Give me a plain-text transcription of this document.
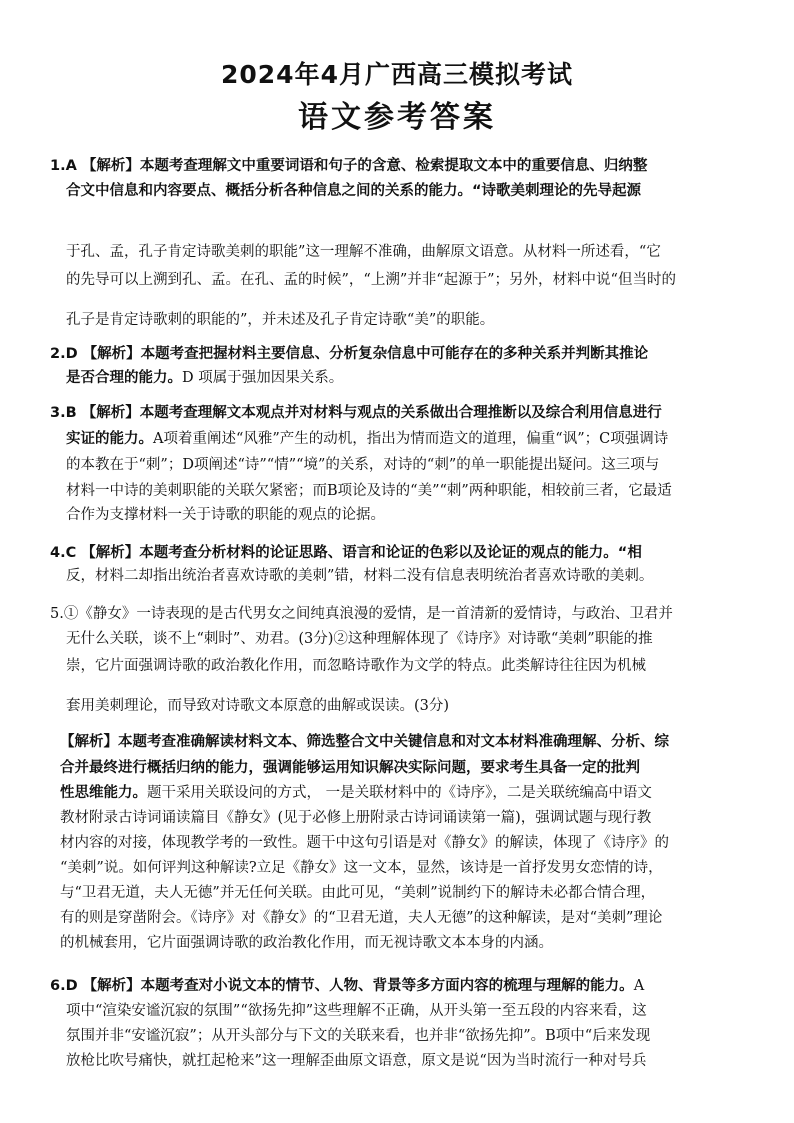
2024年4月广西高三模拟考试
语文参考答案
1.A 【解析】本题考查理解文中重要词语和句子的含意、检索提取文本中的重要信息、归纳整
合文中信息和内容要点、概括分析各种信息之间的关系的能力。“诗歌美刺理论的先导起源
于孔、孟，孔子肯定诗歌美刺的职能”这一理解不准确，曲解原文语意。从材料一所述看，“它
的先导可以上溯到孔、孟。在孔、孟的时候”，“上溯”并非“起源于”；另外，材料中说“但当时的
孔子是肯定诗歌刺的职能的”，并未述及孔子肯定诗歌“美”的职能。
2.D 【解析】本题考查把握材料主要信息、分析复杂信息中可能存在的多种关系并判断其推论
是否合理的能力。D 项属于强加因果关系。
3.B 【解析】本题考查理解文本观点并对材料与观点的关系做出合理推断以及综合利用信息进行
实证的能力。A项着重阐述“风雅”产生的动机，指出为情而造文的道理，偏重“讽”；C项强调诗
的本教在于“刺”；D项阐述“诗”“情”“境”的关系，对诗的“刺”的单一职能提出疑问。这三项与
材料一中诗的美刺职能的关联欠紧密；而B项论及诗的“美”“刺”两种职能，相较前三者，它最适
合作为支撑材料一关于诗歌的职能的观点的论据。
4.C 【解析】本题考查分析材料的论证思路、语言和论证的色彩以及论证的观点的能力。“相
反，材料二却指出统治者喜欢诗歌的美刺”错，材料二没有信息表明统治者喜欢诗歌的美刺。
5.①《静女》一诗表现的是古代男女之间纯真浪漫的爱情，是一首清新的爱情诗，与政治、卫君并
无什么关联，谈不上“刺时”、劝君。(3分)②这种理解体现了《诗序》对诗歌“美刺”职能的推
崇，它片面强调诗歌的政治教化作用，而忽略诗歌作为文学的特点。此类解诗往往因为机械
套用美刺理论，而导致对诗歌文本原意的曲解或误读。(3分)
【解析】本题考查准确解读材料文本、筛选整合文中关键信息和对文本材料准确理解、分析、综
合并最终进行概括归纳的能力，强调能够运用知识解决实际问题，要求考生具备一定的批判
性思维能力。题干采用关联设问的方式， 一是关联材料中的《诗序》，二是关联统编高中语文
教材附录古诗词诵读篇目《静女》(见于必修上册附录古诗词诵读第一篇)，强调试题与现行教
材内容的对接，体现教学考的一致性。题干中这句引语是对《静女》的解读，体现了《诗序》的
“美刺”说。如何评判这种解读?立足《静女》这一文本，显然，该诗是一首抒发男女恋情的诗，
与“卫君无道，夫人无德”并无任何关联。由此可见，“美刺”说制约下的解诗未必都合情合理，
有的则是穿凿附会。《诗序》对《静女》的“卫君无道，夫人无德”的这种解读，是对“美刺”理论
的机械套用，它片面强调诗歌的政治教化作用，而无视诗歌文本本身的内涵。
6.D 【解析】本题考查对小说文本的情节、人物、背景等多方面内容的梳理与理解的能力。A
项中“渲染安谧沉寂的氛围”“欲扬先抑”这些理解不正确，从开头第一至五段的内容来看，这
氛围并非“安谧沉寂”；从开头部分与下文的关联来看，也并非“欲扬先抑”。B项中“后来发现
放枪比吹号痛快，就扛起枪来”这一理解歪曲原文语意，原文是说“因为当时流行一种对号兵
